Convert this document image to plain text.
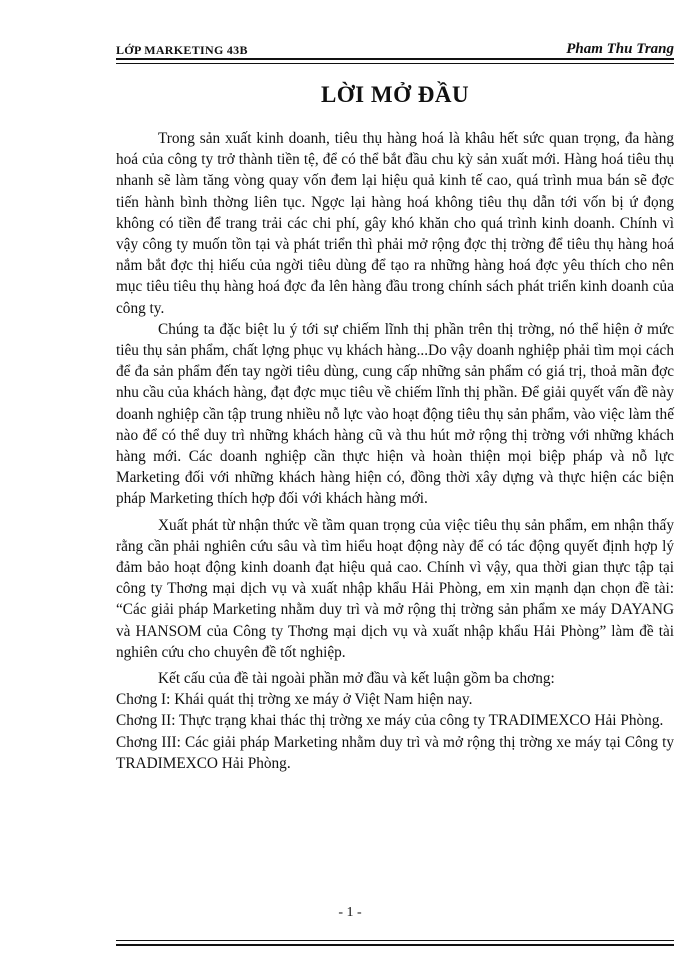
LỚP MARKETING 43B	Pham Thu Trang
LỜI MỞ ĐẦU

Trong sản xuất kinh doanh, tiêu thụ hàng hoá là khâu hết sức quan trọng, đa hàng hoá của công ty trở thành tiền tệ, để có thể bắt đầu chu kỳ sản xuất mới. Hàng hoá tiêu thụ nhanh sẽ làm tăng vòng quay vốn đem lại hiệu quả kinh tế cao, quá trình mua bán sẽ đợc tiến hành bình thờng liên tục. Ngợc lại hàng hoá không tiêu thụ dẫn tới vốn bị ứ đọng không có tiền để trang trải các chi phí, gây khó khăn cho quá trình kinh doanh. Chính vì vậy công ty muốn tồn tại và phát triển thì phải mở rộng đợc thị trờng để tiêu thụ hàng hoá nắm bắt đợc thị hiếu của ngời tiêu dùng để tạo ra những hàng hoá đợc yêu thích cho nên mục tiêu tiêu thụ hàng hoá đợc đa lên hàng đầu trong chính sách phát triển kinh doanh của công ty.

Chúng ta đặc biệt lu ý tới sự chiếm lĩnh thị phần trên thị trờng, nó thể hiện ở mức tiêu thụ sản phẩm, chất lợng phục vụ khách hàng...Do vậy doanh nghiệp phải tìm mọi cách để đa sản phẩm đến tay ngời tiêu dùng, cung cấp những sản phẩm có giá trị, thoả mãn đợc nhu cầu của khách hàng, đạt đợc mục tiêu về chiếm lĩnh thị phần. Để giải quyết vấn đề này doanh nghiệp cần tập trung nhiều nỗ lực vào hoạt động tiêu thụ sản phẩm, vào việc làm thế nào để có thể duy trì những khách hàng cũ và thu hút mở rộng thị trờng với những khách hàng mới. Các doanh nghiệp cần thực hiện và hoàn thiện mọi biệp pháp và nỗ lực Marketing đối với những khách hàng hiện có, đồng thời xây dựng và thực hiện các biện pháp Marketing thích hợp đối với khách hàng mới.

Xuất phát từ nhận thức về tầm quan trọng của việc tiêu thụ sản phẩm, em nhận thấy rằng cần phải nghiên cứu sâu và tìm hiểu hoạt động này để có tác động quyết định hợp lý đảm bảo hoạt động kinh doanh đạt hiệu quả cao. Chính vì vậy, qua thời gian thực tập tại công ty Thơng mại dịch vụ và xuất nhập khẩu Hải Phòng, em xin mạnh dạn chọn đề tài: “Các giải pháp Marketing nhằm duy trì và mở rộng thị trờng sản phẩm xe máy DAYANG và HANSOM của Công ty Thơng mại dịch vụ và xuất nhập khẩu Hải Phòng” làm đề tài nghiên cứu cho chuyên đề tốt nghiệp.

Kết cấu của đề tài ngoài phần mở đầu và kết luận gồm ba chơng:

Chơng I: Khái quát thị trờng xe máy ở Việt Nam hiện nay.

Chơng II: Thực trạng khai thác thị trờng xe máy của công ty TRADIMEXCO Hải Phòng.

Chơng III: Các giải pháp Marketing nhằm duy trì và mở rộng thị trờng xe máy tại Công ty TRADIMEXCO Hải Phòng.

- 1 -
